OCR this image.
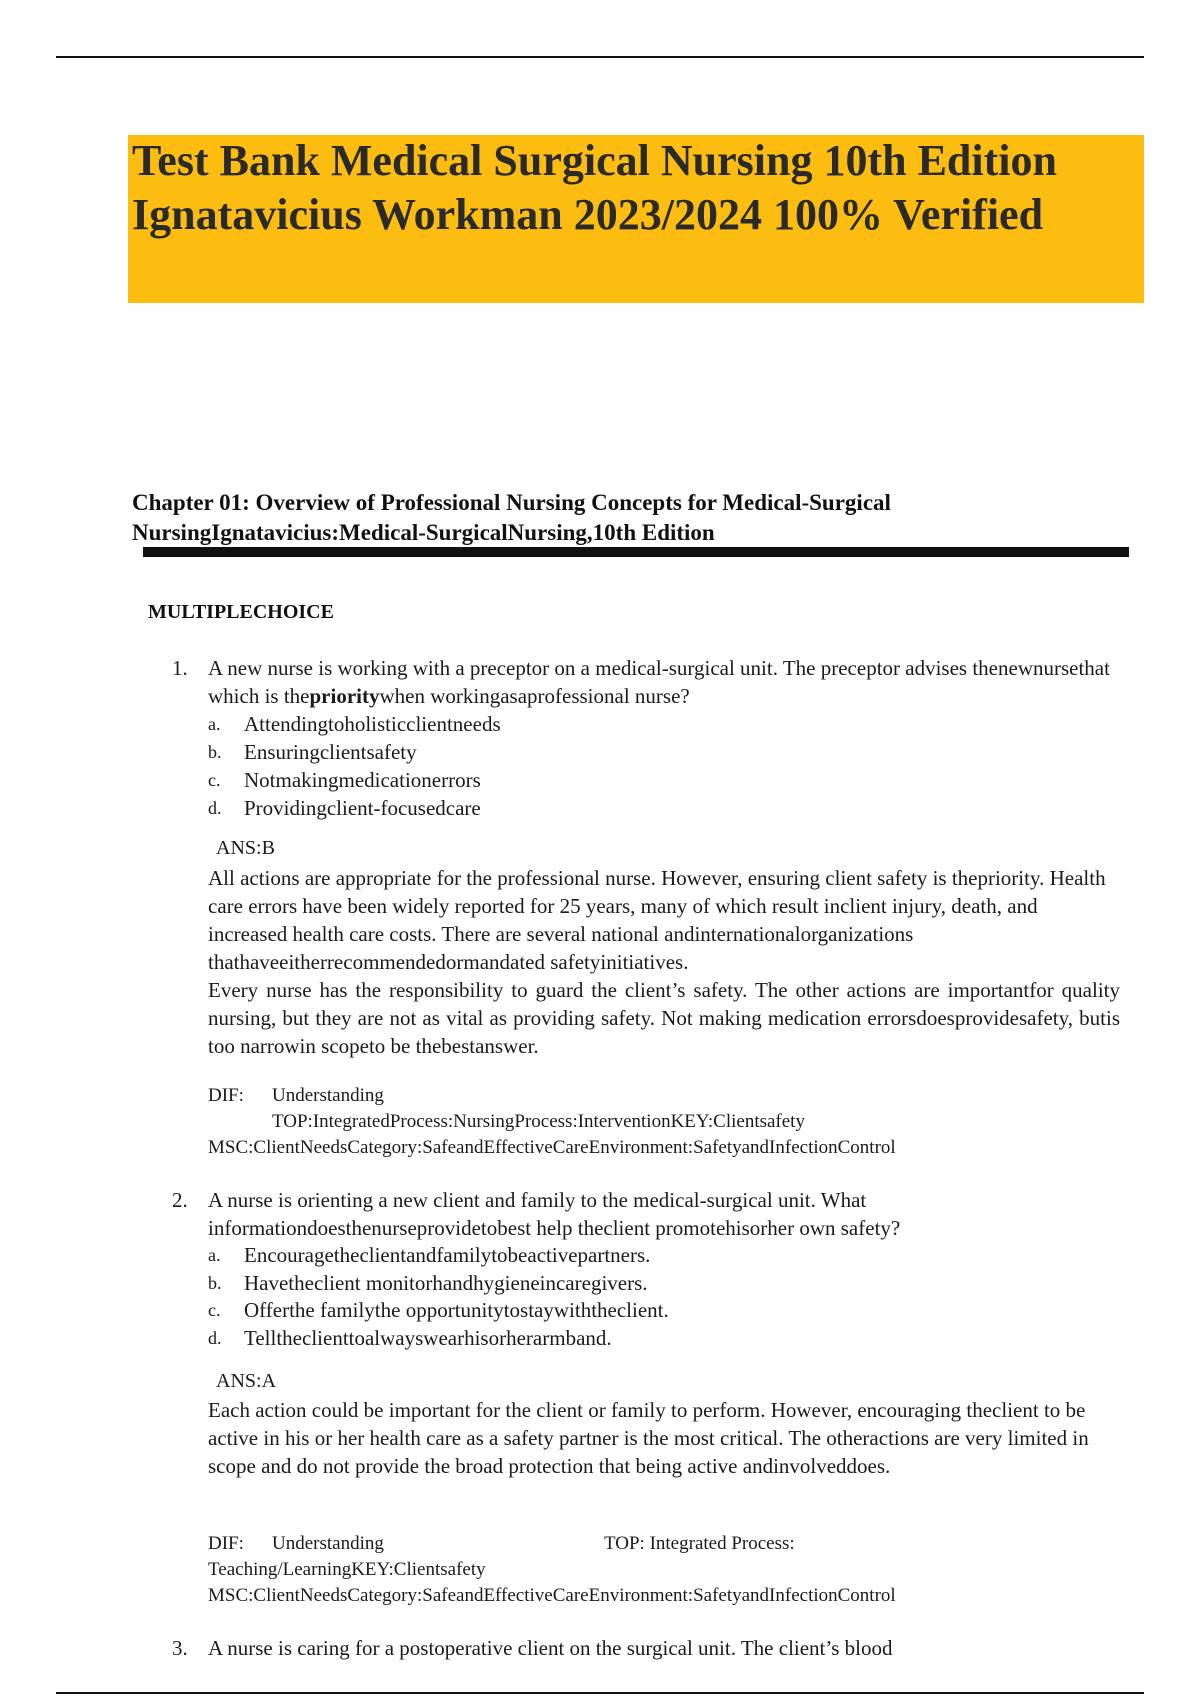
Test Bank Medical Surgical Nursing 10th Edition Ignatavicius Workman 2023/2024 100% Verified
Chapter 01: Overview of Professional Nursing Concepts for Medical-Surgical
NursingIgnatavicius:Medical-SurgicalNursing,10th Edition
MULTIPLECHOICE
1. A new nurse is working with a preceptor on a medical-surgical unit. The preceptor advises thenewnursethat which is theprioritywhen workingasaprofessional nurse?
a. Attendingtoholisticclientneeds
b. Ensuringclientsafety
c. Notmakingmedicationerrors
d. Providingclient-focusedcare
ANS:B
All actions are appropriate for the professional nurse. However, ensuring client safety is thepriority. Health care errors have been widely reported for 25 years, many of which result inclient injury, death, and increased health care costs. There are several national andinternationalorganizations thathaveeitherrecommendedormandated safetyinitiatives.
Every nurse has the responsibility to guard the client’s safety. The other actions are importantfor quality nursing, but they are not as vital as providing safety. Not making medication errorsdoesprovidesafety, butis too narrowin scopeto be thebestanswer.
DIF: Understanding
TOP:IntegratedProcess:NursingProcess:InterventionKEY:Clientsafety
MSC:ClientNeedsCategory:SafeandEffectiveCareEnvironment:SafetyandInfectionControl
2. A nurse is orienting a new client and family to the medical-surgical unit. What
informationdoesthenurseprovidetobest help theclient promotehisorher own safety?
a. Encouragetheclientandfamilytobeactivepartners.
b. Havetheclient monitorhandhygieneincaregivers.
c. Offerthe familythe opportunitytostaywiththeclient.
d. Telltheclienttoalwayswearhisorherarmband.
ANS:A
Each action could be important for the client or family to perform. However, encouraging theclient to be active in his or her health care as a safety partner is the most critical. The otheractions are very limited in scope and do not provide the broad protection that being active andinvolveddoes.
DIF: Understanding	TOP: Integrated Process:
Teaching/LearningKEY:Clientsafety
MSC:ClientNeedsCategory:SafeandEffectiveCareEnvironment:SafetyandInfectionControl
3. A nurse is caring for a postoperative client on the surgical unit. The client’s blood
